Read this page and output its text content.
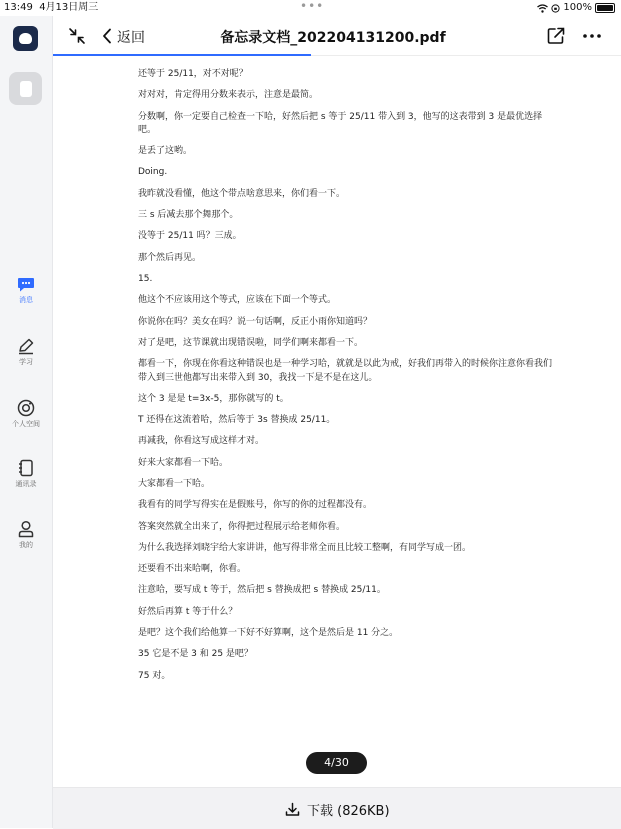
13:49 4月13日周三	•••	100%
消息
学习
个人空间
通讯录
我的
返回	备忘录文档_202204131200.pdf

还等于 25/11，对不对呢？

对对对，肯定得用分数来表示，注意是最简。

分数啊，你一定要自己检查一下哈，好然后把 s 等于 25/11 带入到 3，他写的这表带到 3 是最优选择吧。

是丢了这哟。

Doing.

我昨就没看懂，他这个带点啥意思来，你们看一下。

三 s 后减去那个舞那个。

没等于 25/11 吗？三成。

那个然后再见。

15.

他这个不应该用这个等式，应该在下面一个等式。

你说你在吗？美女在吗？说一句话啊，反正小雨你知道吗？

对了是吧，这节课就出现错误啦，同学们啊来都看一下。

都看一下，你现在你看这种错误也是一种学习哈，就就是以此为戒，好我们再带入的时候你注意你看我们带入到三世他都写出来带入到 30，我找一下是不是在这儿。

这个 3 是是 t=3x-5，那你就写的 t。

T 还得在这流着哈，然后等于 3s 替换成 25/11。

再减我，你看这写成这样才对。

好来大家都看一下哈。

大家都看一下哈。

我看有的同学写得实在是假账号，你写的你的过程都没有。

答案突然就全出来了，你得把过程展示给老师你看。

为什么我选择刘晓宇给大家讲讲，他写得非常全而且比较工整啊，有同学写成一团。

还要看不出来哈啊，你看。

注意哈，要写成 t 等于，然后把 s 替换成把 s 替换成 25/11。

好然后再算 t 等于什么？

是吧？这个我们给他算一下好不好算啊，这个是然后是 11 分之。

35 它是不是 3 和 25 是吧？

75 对。

4/30
下载 (826KB)
